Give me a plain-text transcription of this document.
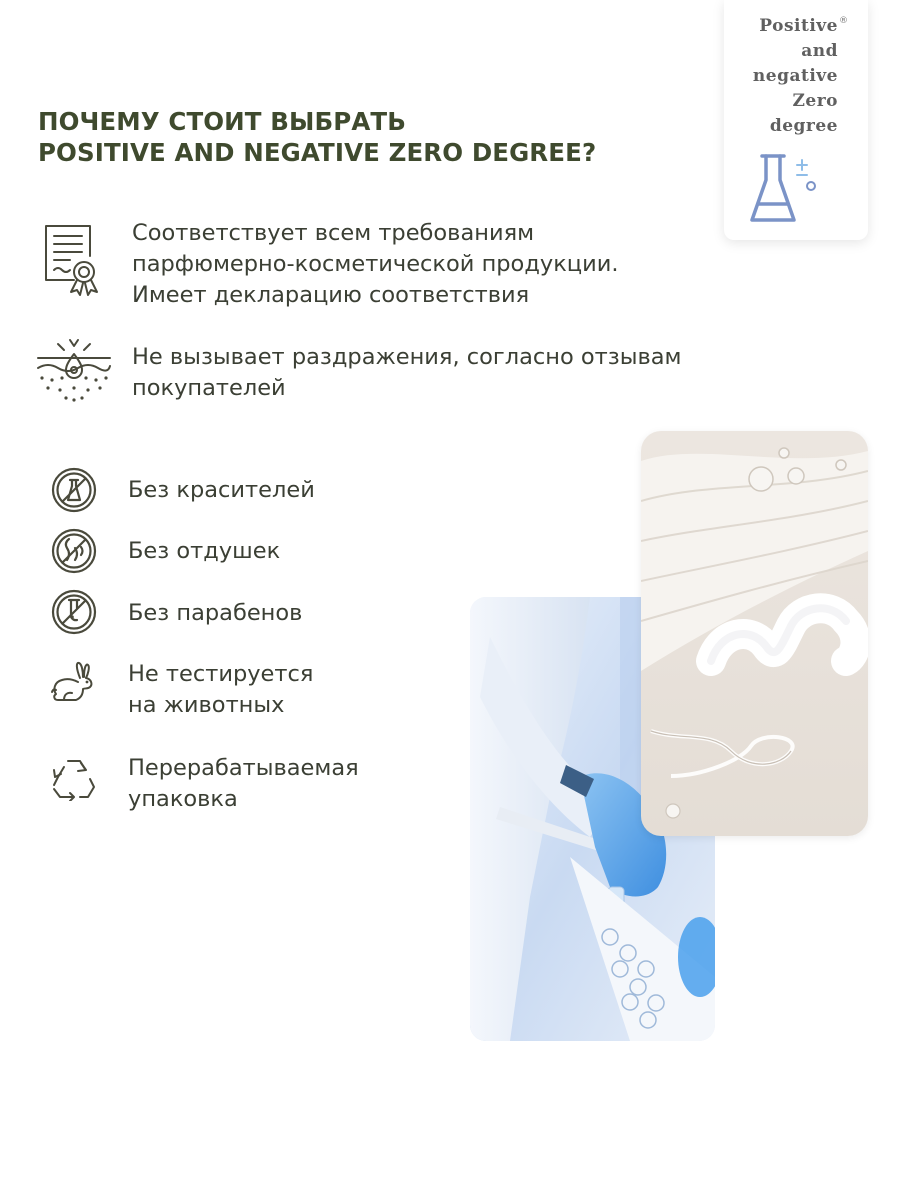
Positive
and
negative
Zero
degree
®
ПОЧЕМУ СТОИТ ВЫБРАТЬ
POSITIVE AND NEGATIVE ZERO DEGREE?
Соответствует всем требованиям
парфюмерно-косметической продукции.
Имеет декларацию соответствия
Не вызывает раздражения, согласно отзывам
покупателей
Без красителей
Без отдушек
Без парабенов
Не тестируется
на животных
Перерабатываемая
упаковка
